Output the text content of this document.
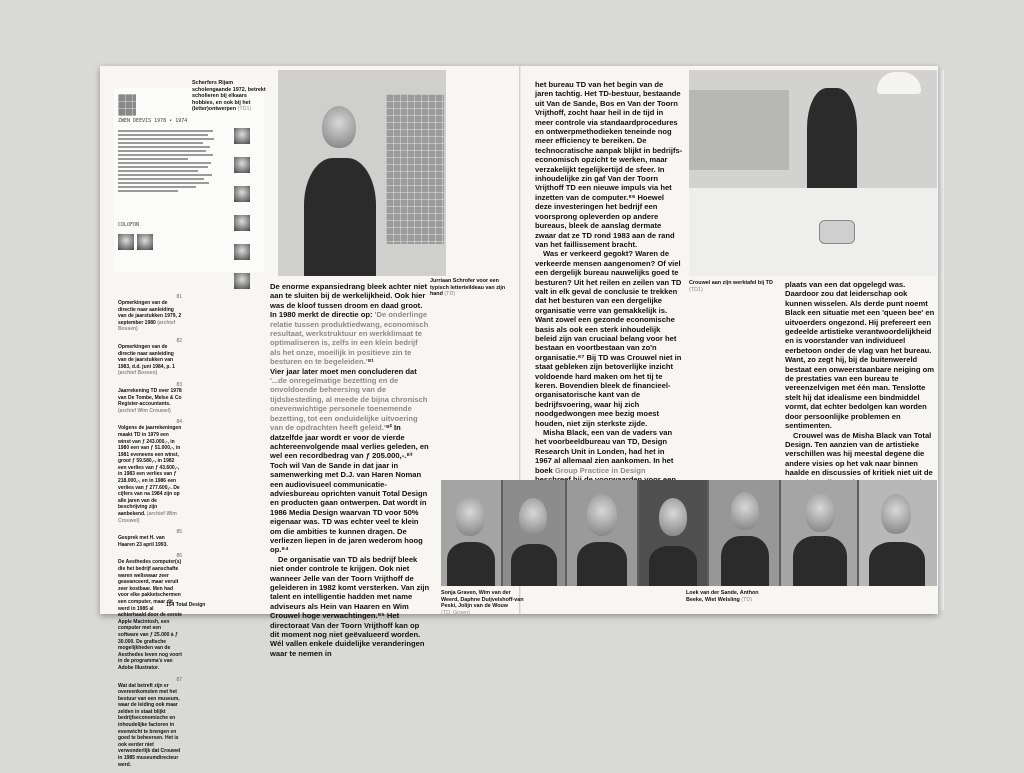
ZWEN DEEVIS 1978 • 1974
COLOFON

Scherfers Rijam scholengaande 1972, betrekt scholieren bij elkaars hobbies, en ook bij het (letter)ontwerpen (TD1)
Jurriaan Schrofer voor een typisch letterteildeau van zijn hand (TD)
81
Opmerkingen van de directie naar aanleiding van de jaarstukken 1979, 2 september 1980 (archief Bossen)
82
Opmerkingen van de directie naar aanleiding van de jaarstukken van 1983, d.d. juni 1984, p. 1 (archief Bossen)
83
Jaarrekening TD over 1978 van De Tombe, Melse & Co Register-accountants. (archief Wim Crouwel)
84
Volgens de jaarrekeningen maakt TD in 1979 een winst van ƒ 243.000,-, in 1980 een van ƒ 51.000,-, in 1981 eveneens een winst, groot ƒ 59.580,-, in 1982 een verlies van ƒ 43.600,-, in 1983 een verlies van ƒ 218.000,-, en in 1986 een verlies van ƒ 277.600,-. De cijfers van na 1984 zijn op alle jaren van de beschrijving zijn aanbekend. (archief Wim Crouwel)
85
Gesprek met H. van Haaren 23 april 1993.
86
De Aesthedes computer(s) die het bedrijf aanschafte waren weliswaar zeer geavanceerd, maar veruit zeer kostbaar. Men had voor elke pakketschermen een computer, maar dit werd in 1985 al achterhaald door de eerste Apple Macintosh, een computer met een software van ƒ 25.000 à ƒ 30.000. De grafische mogelijkheden van de Aesthedes leven nog voort in de programma's van Adobe Illustrator.
87
Wat dat betreft zijn er overeenkomsten met het bestuur van een museum, waar de leiding ook maar zelden in staat blijkt bedrijfseconomische en inhoudelijke factoren in evenwicht te brengen en goed te beheersen. Het is ook eerder niet verwonderlijk dat Crouwel in 1985 museumdirecteur werd.

De enorme expansiedrang bleek achter niet aan te sluiten bij de werkelijkheid. Ook hier was de kloof tussen droom en daad groot. In 1980 merkt de directie op: 'De onderlinge relatie tussen produktiedwang, economisch resultaat, werkstruktuur en werkklimaat te optimaliseren is, zelfs in een klein bedrijf als het onze, moeilijk in positieve zin te besturen en te begeleiden.'⁸¹

Vier jaar later moet men concluderen dat '...de onregelmatige bezetting en de onvoldoende beheersing van de tijdsbesteding, al meede de bijna chronisch onevenwichtige personele toenemende bezetting, tot een onduidelijke uitvoering van de opdrachten heeft geleid.'⁸² In datzelfde jaar wordt er voor de vierde achtereenvolgende maal verlies geleden, en wel een recordbedrag van ƒ 205.000,-.⁸³ Toch wil Van de Sande in dat jaar in samenwerking met D.J. van Haren Noman een audiovisueel communicatie-adviesbureau oprichten vanuit Total Design en producten gaan ontwerpen. Dat wordt in 1986 Media Design waarvan TD voor 50% eigenaar was. TD was echter veel te klein om die ambities te kunnen dragen. De verliezen liepen in de jaren wederom hoog op.⁸⁴

De organisatie van TD als bedrijf bleek niet onder controle te krijgen. Ook niet wanneer Jelle van der Toorn Vrijthoff de geleideren in 1982 komt versterken. Van zijn talent en intelligentie hadden met name adviseurs als Hein van Haaren en Wim Crouwel hoge verwachtingen.⁸⁵ Het directoraat Van der Toorn Vrijthoff kan op dit moment nog niet geëvalueerd worden. Wél vallen enkele duidelijke veranderingen waar te nemen in

154 Total Design

het bureau TD van het begin van de jaren tachtig. Het TD-bestuur, bestaande uit Van de Sande, Bos en Van der Toorn Vrijthoff, zocht haar heil in de tijd in meer controle via standaardprocedures en ontwerpmethodieken teneinde nog meer efficiency te bereiken. De technocratische aanpak blijkt in bedrijfs-economisch opzicht te werken, maar verzakelijkt tegelijkertijd de sfeer. In inhoudelijke zin gaf Van der Toorn Vrijthoff TD een nieuwe impuls via het inzetten van de computer.⁸⁶ Hoewel deze investeringen het bedrijf een voorsprong opleverden op andere bureaus, bleek de aanslag dermate zwaar dat ze TD rond 1983 aan de rand van het faillissement bracht.

Was er verkeerd gegokt? Waren de verkeerde mensen aangenomen? Of viel een dergelijk bureau nauwelijks goed te besturen? Uit het reilen en zeilen van TD valt in elk geval de conclusie te trekken dat het besturen van een dergelijke organisatie verre van gemakkelijk is. Want zowel een gezonde economische basis als ook een sterk inhoudelijk beleid zijn van cruciaal belang voor het bestaan en voortbestaan van zo'n organisatie.⁸⁷ Bij TD was Crouwel niet in staat gebleken zijn betoverlijke inzicht voldoende hard maken om het tij te keren. Bovendien bleek de financieel-organisatorische kant van de bedrijfsvoering, waar hij zich noodgedwongen mee bezig moest houden, niet zijn sterkste zijde.

Misha Black, een van de vaders van het voorbeeldbureau van TD, Design Research Unit in Londen, had het in 1967 al allemaal zien aankomen. In het boek Group Practice in Design

Crouwel aan zijn werktafel bij TD (TD1)

plaats van een dat opgelegd was. Daardoor zou dat leiderschap ook kunnen wisselen. Als derde punt noemt Black een situatie met een 'queen bee' en uitvoerders ongezond. Hij prefereert een gedeelde artistieke verantwoordelijkheid en is voorstander van individueel eerbetoon onder de vlag van het bureau. Want, zo zegt hij, bij de buitenwereld bestaat een onweerstaanbare neiging om de prestaties van een bureau te vereenzelvigen met één man. Tenslotte stelt hij dat idealisme een bindmiddel vormt, dat echter bedolgen kan worden door persoonlijke problemen en sentimenten.

Crouwel was de Misha Black van Total Design. Ten aanzien van de artistieke verschillen was hij meestal degene die andere visies op het vak naar binnen haalde en discussies of kritiek niet uit de

Sonja Graven, Wim van der Weerd, Daphne Duijvelshoff-van Peski, Jolijn van de Wouw (TD_Groen)
Loek van der Sande, Anthon Beeke, Wiet Welsling (TD)
